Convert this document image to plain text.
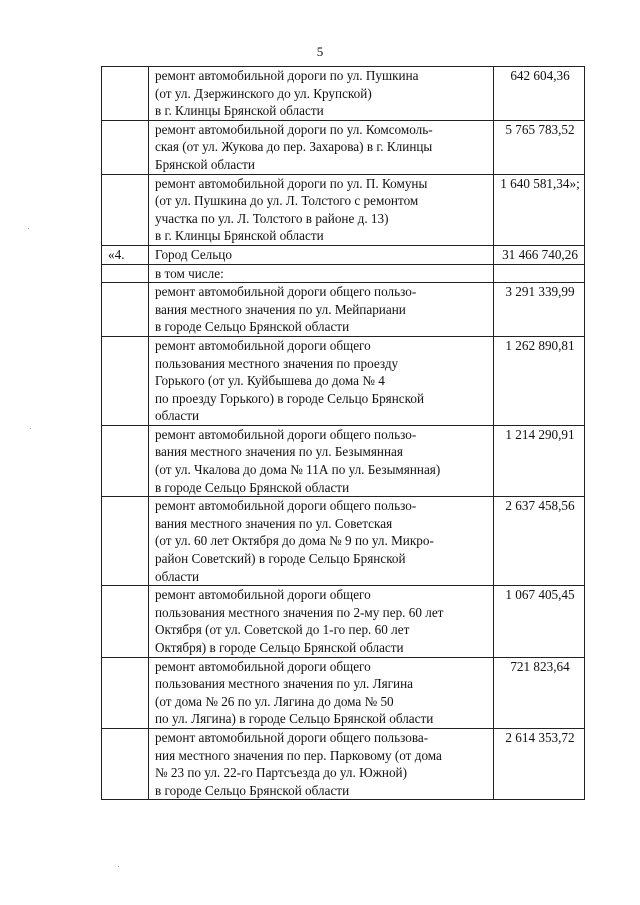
5

	ремонт автомобильной дороги по ул. Пушкина
(от ул. Дзержинского до ул. Крупской)
в г. Клинцы Брянской области	642 604,36

	ремонт автомобильной дороги по ул. Комсомоль-
ская (от ул. Жукова до пер. Захарова) в г. Клинцы
Брянской области	5 765 783,52

	ремонт автомобильной дороги по ул. П. Комуны
(от ул. Пушкина до ул. Л. Толстого с ремонтом
участка по ул. Л. Толстого в районе д. 13)
в г. Клинцы Брянской области	1 640 581,34»;
«4.	Город Сельцо	31 466 740,26

	в том числе:	

	ремонт автомобильной дороги общего пользо-
вания местного значения по ул. Мейпариани
в городе Сельцо Брянской области	3 291 339,99

	ремонт автомобильной дороги общего
пользования местного значения по проезду
Горького (от ул. Куйбышева до дома № 4
по проезду Горького) в городе Сельцо Брянской
области	1 262 890,81

	ремонт автомобильной дороги общего пользо-
вания местного значения по ул. Безымянная
(от ул. Чкалова до дома № 11А по ул. Безымянная)
в городе Сельцо Брянской области	1 214 290,91

	ремонт автомобильной дороги общего пользо-
вания местного значения по ул. Советская
(от ул. 60 лет Октября до дома № 9 по ул. Микро-
район Советский) в городе Сельцо Брянской
области	2 637 458,56

	ремонт автомобильной дороги общего
пользования местного значения по 2-му пер. 60 лет
Октября (от ул. Советской до 1-го пер. 60 лет
Октября) в городе Сельцо Брянской области	1 067 405,45

	ремонт автомобильной дороги общего
пользования местного значения по ул. Лягина
(от дома № 26 по ул. Лягина до дома № 50
по ул. Лягина) в городе Сельцо Брянской области	721 823,64

	ремонт автомобильной дороги общего пользова-
ния местного значения по пер. Парковому (от дома
№ 23 по ул. 22-го Партсъезда до ул. Южной)
в городе Сельцо Брянской области	2 614 353,72
